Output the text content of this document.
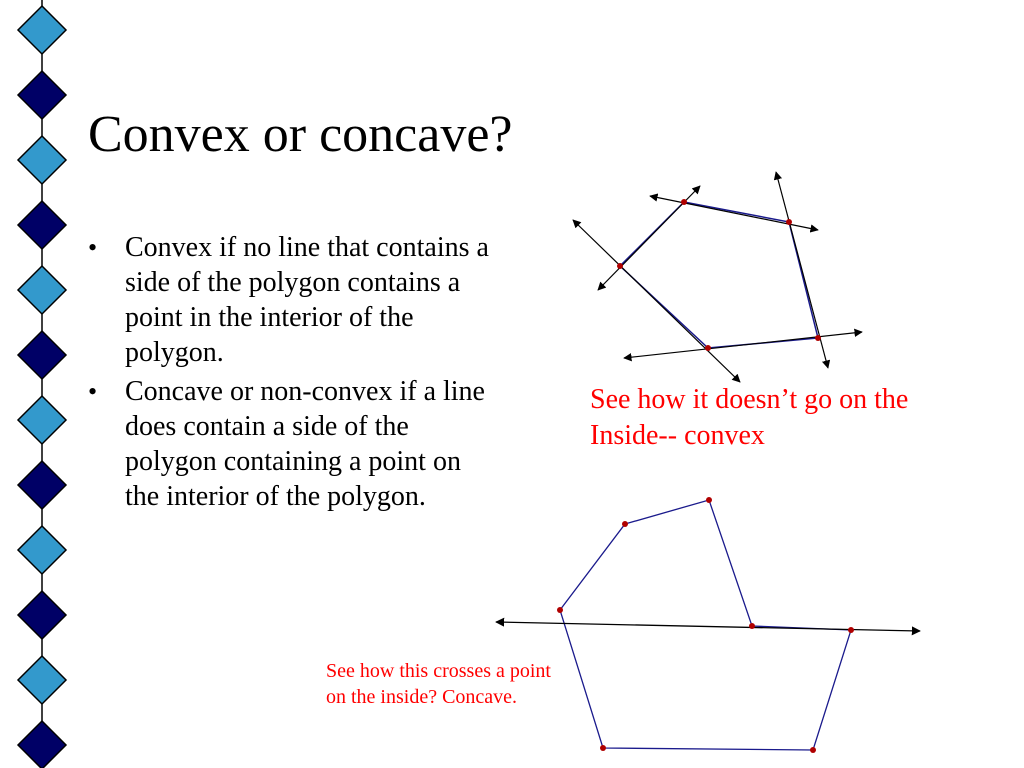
Convex or concave?
• Convex if no line that contains a side of the polygon contains a point in the interior of the polygon.
• Concave or non-convex if a line does contain a side of the polygon containing a point on the interior of the polygon.
See how it doesn’t go on the Inside-- convex
See how this crosses a point on the inside? Concave.
